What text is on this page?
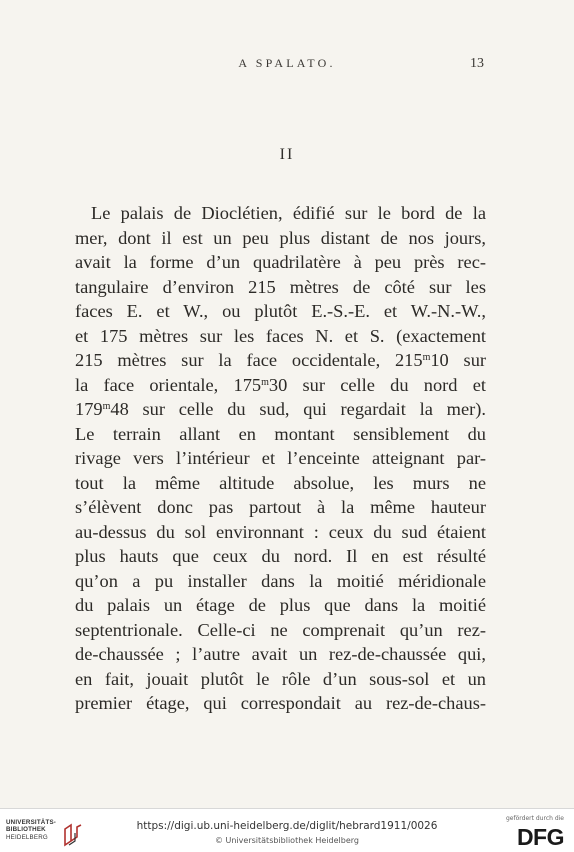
A SPALATO.	13
II
Le palais de Dioclétien, édifié sur le bord de la
mer, dont il est un peu plus distant de nos jours,
avait la forme d’un quadrilatère à peu près rec-
tangulaire d’environ 215 mètres de côté sur les
faces E. et W., ou plutôt E.-S.-E. et W.-N.-W.,
et 175 mètres sur les faces N. et S. (exactement
215 mètres sur la face occidentale, 215$^m$10 sur
la face orientale, 175$^m$30 sur celle du nord et
179$^m$48 sur celle du sud, qui regardait la mer).
Le terrain allant en montant sensiblement du
rivage vers l’intérieur et l’enceinte atteignant par-
tout la même altitude absolue, les murs ne
s’élèvent donc pas partout à la même hauteur
au-dessus du sol environnant : ceux du sud étaient
plus hauts que ceux du nord. Il en est résulté
qu’on a pu installer dans la moitié méridionale
du palais un étage de plus que dans la moitié
septentrionale. Celle-ci ne comprenait qu’un rez-
de-chaussée ; l’autre avait un rez-de-chaussée qui,
en fait, jouait plutôt le rôle d’un sous-sol et un
premier étage, qui correspondait au rez-de-chaus-
UNIVERSITÄTS-
BIBLIOTHEK
HEIDELBERG
https://digi.ub.uni-heidelberg.de/diglit/hebrard1911/0026
© Universitätsbibliothek Heidelberg
gefördert durch die
DFG
